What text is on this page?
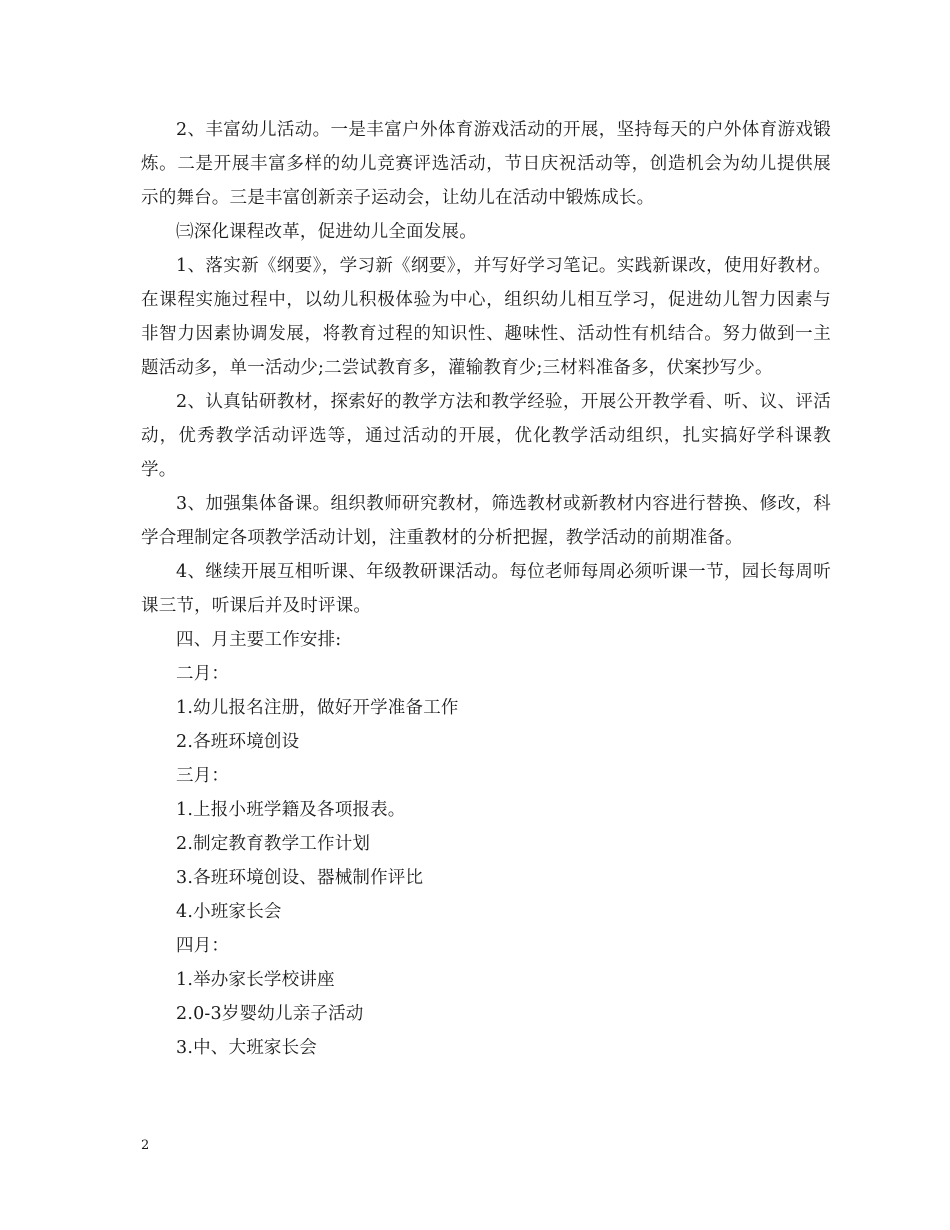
2、丰富幼儿活动。一是丰富户外体育游戏活动的开展，坚持每天的户外体育游戏锻炼。二是开展丰富多样的幼儿竞赛评选活动，节日庆祝活动等，创造机会为幼儿提供展示的舞台。三是丰富创新亲子运动会，让幼儿在活动中锻炼成长。

㈢深化课程改革，促进幼儿全面发展。

1、落实新《纲要》，学习新《纲要》，并写好学习笔记。实践新课改，使用好教材。在课程实施过程中，以幼儿积极体验为中心，组织幼儿相互学习，促进幼儿智力因素与非智力因素协调发展，将教育过程的知识性、趣味性、活动性有机结合。努力做到一主题活动多，单一活动少;二尝试教育多，灌输教育少;三材料准备多，伏案抄写少。

2、认真钻研教材，探索好的教学方法和教学经验，开展公开教学看、听、议、评活动，优秀教学活动评选等，通过活动的开展，优化教学活动组织，扎实搞好学科课教学。

3、加强集体备课。组织教师研究教材，筛选教材或新教材内容进行替换、修改，科学合理制定各项教学活动计划，注重教材的分析把握，教学活动的前期准备。

4、继续开展互相听课、年级教研课活动。每位老师每周必须听课一节，园长每周听课三节，听课后并及时评课。

四、月主要工作安排:

二月：

1.幼儿报名注册，做好开学准备工作

2.各班环境创设

三月：

1.上报小班学籍及各项报表。

2.制定教育教学工作计划

3.各班环境创设、器械制作评比

4.小班家长会

四月：

1.举办家长学校讲座

2.0-3岁婴幼儿亲子活动

3.中、大班家长会

2
